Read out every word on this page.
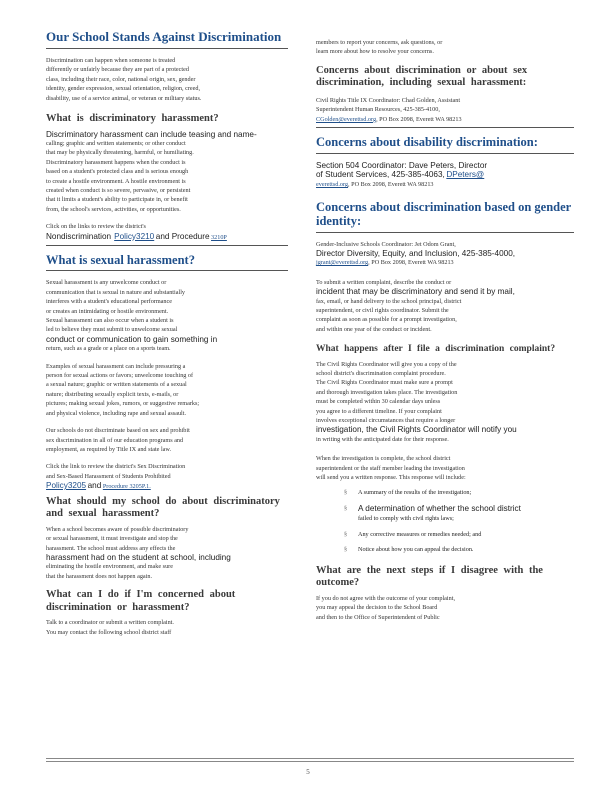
Our School Stands Against Discrimination

Discrimination can happen when someone is treated

differently or unfairly because they are part of a protected

class, including their race, color, national origin, sex, gender

identity, gender expression, sexual orientation, religion, creed,

disability, use of a service animal, or veteran or military status.

What is discriminatory harassment?

Discriminatory harassment can include teasing and name-

calling; graphic and written statements; or other conduct

that may be physically threatening, harmful, or humiliating.

Discriminatory harassment happens when the conduct is

based on a student's protected class and is serious enough

to create a hostile environment. A hostile environment is

created when conduct is so severe, pervasive, or persistent

that it limits a student's ability to participate in, or benefit

from, the school's services, activities, or opportunities.

Click on the links to review the district's

Nondiscrimination Policy3210 and Procedure 3210P

What is sexual harassment?

Sexual harassment is any unwelcome conduct or

communication that is sexual in nature and substantially

interferes with a student's educational performance

or creates an intimidating or hostile environment.

Sexual harassment can also occur when a student is

led to believe they must submit to unwelcome sexual

conduct or communication to gain something in

return, such as a grade or a place on a sports team.

Examples of sexual harassment can include pressuring a

person for sexual actions or favors; unwelcome touching of

a sexual nature; graphic or written statements of a sexual

nature; distributing sexually explicit texts, e-mails, or

pictures; making sexual jokes, rumors, or suggestive remarks;

and physical violence, including rape and sexual assault.

Our schools do not discriminate based on sex and prohibit

sex discrimination in all of our education programs and

employment, as required by Title IX and state law.

Click the link to review the district's Sex Discrimination

and Sex-Based Harassment of Students Prohibited

Policy3205 and Procedure 3205P.1.

What should my school do about discriminatory and sexual harassment?

When a school becomes aware of possible discriminatory

or sexual harassment, it must investigate and stop the

harassment. The school must address any effects the

harassment had on the student at school, including

eliminating the hostile environment, and make sure

that the harassment does not happen again.

What can I do if I'm concerned about discrimination or harassment?

Talk to a coordinator or submit a written complaint.

You may contact the following school district staff

members to report your concerns, ask questions, or

learn more about how to resolve your concerns.

Concerns about discrimination or about sex discrimination, including sexual harassment:

Civil Rights Title IX Coordinator: Chad Golden, Assistant

Superintendent Human Resources, 425-385-4100,

CGolden@everettsd.org, PO Box 2098, Everett WA 98213

Concerns about disability discrimination:

Section 504 Coordinator: Dave Peters, Director

of Student Services, 425-385-4063, DPeters@

everettsd.org, PO Box 2098, Everett WA 98213

Concerns about discrimination based on gender identity:

Gender-Inclusive Schools Coordinator: Jet Odom Grant,

Director Diversity, Equity, and Inclusion, 425-385-4000,

jgrant@everettsd.org, PO Box 2098, Everett WA 98213

To submit a written complaint, describe the conduct or

incident that may be discriminatory and send it by mail,

fax, email, or hand delivery to the school principal, district

superintendent, or civil rights coordinator. Submit the

complaint as soon as possible for a prompt investigation,

and within one year of the conduct or incident.

What happens after I file a discrimination complaint?

The Civil Rights Coordinator will give you a copy of the

school district's discrimination complaint procedure.

The Civil Rights Coordinator must make sure a prompt

and thorough investigation takes place. The investigation

must be completed within 30 calendar days unless

you agree to a different timeline. If your complaint

involves exceptional circumstances that require a longer

investigation, the Civil Rights Coordinator will notify you

in writing with the anticipated date for their response.

When the investigation is complete, the school district

superintendent or the staff member leading the investigation

will send you a written response. This response will include:

§	A summary of the results of the investigation;
§	A determination of whether the school district
failed to comply with civil rights laws;
§	Any corrective measures or remedies needed; and
§	Notice about how you can appeal the decision.
What are the next steps if I disagree with the outcome?

If you do not agree with the outcome of your complaint,

you may appeal the decision to the School Board

and then to the Office of Superintendent of Public

5
